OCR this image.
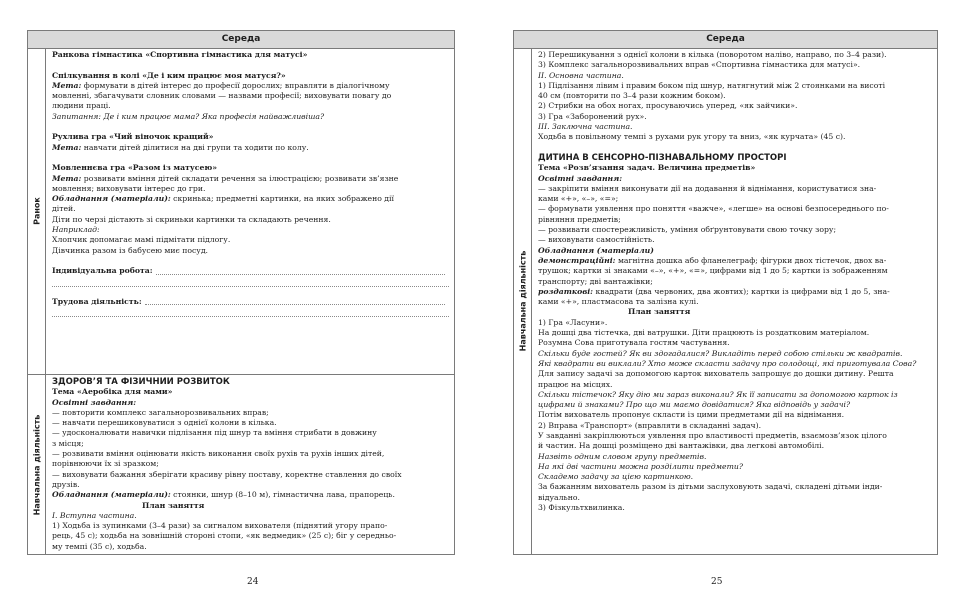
Середа
Ранок
Ранкова гімнастика «Спортивна гімнастика для матусі»
Спілкування в колі «Де і ким працює моя матуся?»
Мета: формувати в дітей інтерес до професії дорослих; вправляти в діалогічному
мовленні, збагачувати словник словами — назвами професії; виховувати повагу до
людини праці.
Запитання: Де і ким працює мама? Яка професія найважливіша?
Рухлива гра «Чий віночок кращий»
Мета: навчати дітей ділитися на дві групи та ходити по колу.
Мовленнєва гра «Разом із матусею»
Мета: розвивати вміння дітей складати речення за ілюстрацією; розвивати зв’язне
мовлення; виховувати інтерес до гри.
Обладнання (матеріали): скринька; предметні картинки, на яких зображено дії
дітей.
Діти по черзі дістають зі скриньки картинки та складають речення.
Наприклад:
Хлопчик допомагає мамі підмітати підлогу.
Дівчинка разом із бабусею миє посуд.
Індивідуальна робота:
Трудова діяльність:
Навчальна діяльність
ЗДОРОВ’Я ТА ФІЗИЧНИЙ РОЗВИТОК
Тема «Аеробіка для мами»
Освітні завдання:
— повторити комплекс загальнорозвивальних вправ;
— навчати перешиковуватися з однієї колони в кілька.
— удосконалювати навички підлізання під шнур та вміння стрибати в довжину
з місця;
— розвивати вміння оцінювати якість виконання своїх рухів та рухів інших дітей,
порівнюючи їх зі зразком;
— виховувати бажання зберігати красиву рівну поставу, коректне ставлення до своїх
друзів.
Обладнання (матеріали): стоянки, шнур (8–10 м), гімнастична лава, прапорець.
План заняття
I. Вступна частина.
1) Ходьба із зупинками (3–4 рази) за сигналом вихователя (піднятий угору прапо-
рець, 45 с); ходьба на зовнішній стороні стопи, «як ведмедик» (25 с); біг у середньо-
му темпі (35 с), ходьба.
Середа
Навчальна діяльність
2) Перешикування з однієї колони в кілька (поворотом наліво, направо, по 3–4 рази).
3) Комплекс загальнорозвивальних вправ «Спортивна гімнастика для матусі».
II. Основна частина.
1) Підлізання лівим і правим боком під шнур, натягнутий між 2 стоянками на висоті
40 см (повторити по 3–4 рази кожним боком).
2) Стрибки на обох ногах, просуваючись уперед, «як зайчики».
3) Гра «Заборонений рух».
III. Заключна частина.
Ходьба в повільному темпі з рухами рук угору та вниз, «як курчата» (45 с).
ДИТИНА В СЕНСОРНО-ПІЗНАВАЛЬНОМУ ПРОСТОРІ
Тема «Розв’язання задач. Величина предметів»
Освітні завдання:
— закріпити вміння виконувати дії на додавання й віднімання, користуватися зна-
ками «+», «–», «=»;
— формувати уявлення про поняття «важче», «легше» на основі безпосереднього по-
рівняння предметів;
— розвивати спостережливість, уміння обґрунтовувати свою точку зору;
— виховувати самостійність.
Обладнання (матеріали)
демонстраційні: магнітна дошка або фланелеграф; фігурки двох тістечок, двох ва-
трушок; картки зі знаками «–», «+», «=», цифрами від 1 до 5; картки із зображенням
транспорту; дві вантажівки;
роздаткові: квадрати (два червоних, два жовтих); картки із цифрами від 1 до 5, зна-
ками «+», пластмасова та залізна кулі.
План заняття
1) Гра «Ласуни».
На дошці два тістечка, дві ватрушки. Діти працюють із роздатковим матеріалом.
Розумна Сова приготувала гостям частування.
Скільки буде гостей? Як ви здогадалися? Викладіть перед собою стільки ж квадратів.
Які квадрати ви виклали? Хто може скласти задачу про солодощі, які приготувала Сова?
Для запису задачі за допомогою карток вихователь запрошує до дошки дитину. Решта
працює на місцях.
Скільки тістечок? Яку дію ми зараз виконали? Як її записати за допомогою карток із
цифрами й знаками? Про що ми маємо довідатися? Яка відповідь у задачі?
Потім вихователь пропонує скласти із цими предметами дії на віднімання.
2) Вправа «Транспорт» (вправляти в складанні задач).
У завданні закріплюються уявлення про властивості предметів, взаємозв’язок цілого
й частин. На дошці розміщено дві вантажівки, два легкові автомобілі.
Назвіть одним словом групу предметів.
На які дві частини можна розділити предмети?
Складемо задачу за цією картинкою.
За бажанням вихователь разом із дітьми заслуховують задачі, складені дітьми інди-
відуально.
3) Фізкультхвилинка.
24	25
